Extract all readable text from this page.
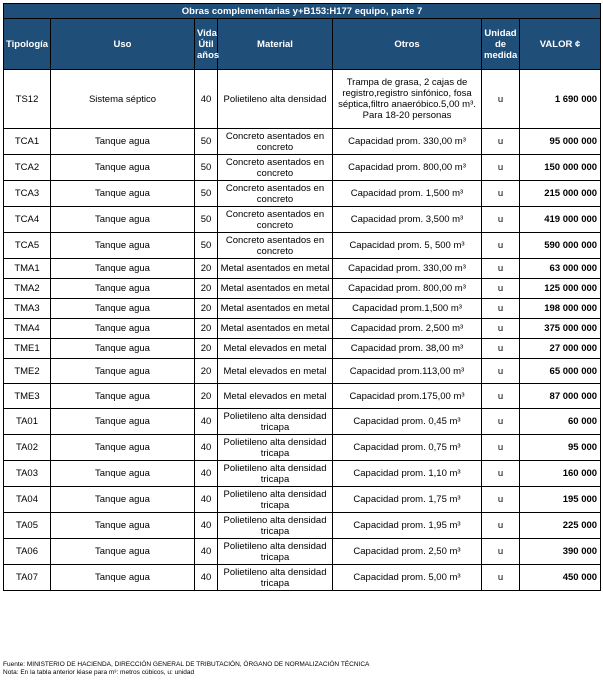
Obras complementarias y+B153:H177 equipo, parte 7						
Tipología	Uso	Vida Útil años	Material	Otros	Unidad de medida	VALOR ¢
TS12	Sistema séptico	40	Polietileno alta densidad	Trampa de grasa, 2 cajas de registro,registro sinfónico, fosa séptica,filtro anaeróbico.5,00 m³. Para 18-20 personas	u	1 690 000
TCA1	Tanque agua	50	Concreto asentados en concreto	Capacidad prom. 330,00 m³	u	95 000 000
TCA2	Tanque agua	50	Concreto asentados en concreto	Capacidad prom. 800,00 m³	u	150 000 000
TCA3	Tanque agua	50	Concreto asentados en concreto	Capacidad prom. 1,500 m³	u	215 000 000
TCA4	Tanque agua	50	Concreto asentados en concreto	Capacidad prom. 3,500 m³	u	419 000 000
TCA5	Tanque agua	50	Concreto asentados en concreto	Capacidad prom. 5, 500 m³	u	590 000 000
TMA1	Tanque agua	20	Metal asentados en metal	Capacidad prom. 330,00 m³	u	63 000 000
TMA2	Tanque agua	20	Metal asentados en metal	Capacidad prom. 800,00 m³	u	125 000 000
TMA3	Tanque agua	20	Metal asentados en metal	Capacidad prom.1,500 m³	u	198 000 000
TMA4	Tanque agua	20	Metal asentados en metal	Capacidad prom. 2,500 m³	u	375 000 000
TME1	Tanque agua	20	Metal elevados en metal	Capacidad prom. 38,00 m³	u	27 000 000
TME2	Tanque agua	20	Metal elevados en metal	Capacidad prom.113,00 m³	u	65 000 000
TME3	Tanque agua	20	Metal elevados en metal	Capacidad prom.175,00 m³	u	87 000 000
TA01	Tanque agua	40	Polietileno alta densidad tricapa	Capacidad prom. 0,45 m³	u	60 000
TA02	Tanque agua	40	Polietileno alta densidad tricapa	Capacidad prom. 0,75 m³	u	95 000
TA03	Tanque agua	40	Polietileno alta densidad tricapa	Capacidad prom. 1,10 m³	u	160 000
TA04	Tanque agua	40	Polietileno alta densidad tricapa	Capacidad prom. 1,75 m³	u	195 000
TA05	Tanque agua	40	Polietileno alta densidad tricapa	Capacidad prom. 1,95 m³	u	225 000
TA06	Tanque agua	40	Polietileno alta densidad tricapa	Capacidad prom. 2,50 m³	u	390 000
TA07	Tanque agua	40	Polietileno alta densidad tricapa	Capacidad prom. 5,00 m³	u	450 000
Fuente: MINISTERIO DE HACIENDA, DIRECCIÓN GENERAL DE TRIBUTACIÓN, ÓRGANO DE NORMALIZACIÓN TÉCNICA
Nota: En la tabla anterior léase para m³: metros cúbicos, u: unidad
